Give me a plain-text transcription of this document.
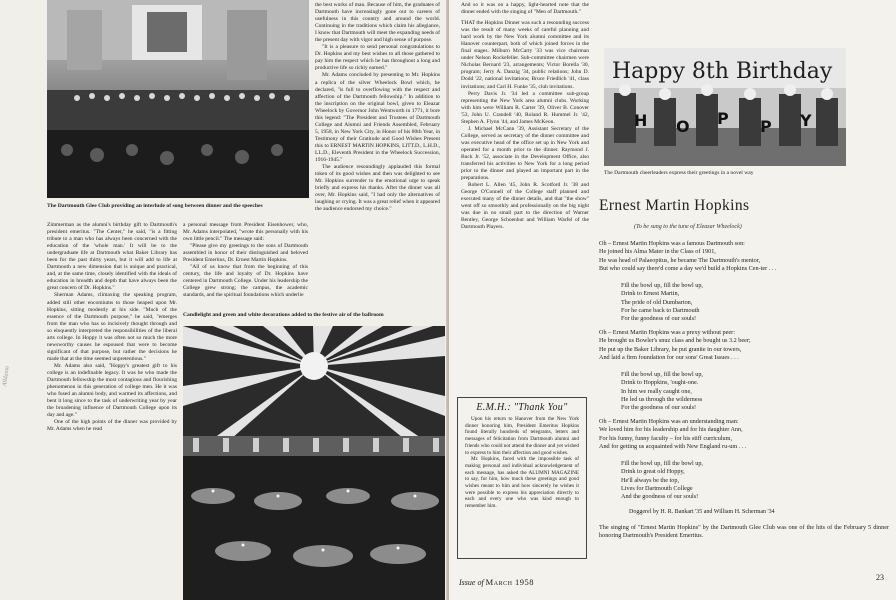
The Dartmouth Glee Club providing an interlude of song between dinner and the speeches

the best works of man. Because of him, the graduates of Dartmouth have increasingly gone out to careers of usefulness in this country and around the world. Continuing in the traditions which claim his allegiance, I know that Dartmouth will meet the expanding needs of the present day with vigor and high sense of purpose.

"It is a pleasure to send personal congratulations to Dr. Hopkins and my best wishes to all those gathered to pay him the respect which he has throughout a long and productive life so richly earned."

Mr. Adams concluded by presenting to Mr. Hopkins a replica of the silver Wheelock Bowl which, he declared, "is full to overflowing with the respect and affection of the Dartmouth fellowship." In addition to the inscription on the original bowl, given to Eleazar Wheelock by Governor John Wentworth in 1771, it bore this legend: "The President and Trustees of Dartmouth College and Alumni and Friends Assembled, February 5, 1958, in New York City, in Honor of his 80th Year, in Testimony of their Gratitude and Good Wishes Present this to ERNEST MARTIN HOPKINS, LITT.D., L.H.D., LL.D., Eleventh President in the Wheelock Succession, 1916-1945."

The audience resoundingly applauded this formal token of its good wishes and then was delighted to see Mr. Hopkins surrender to the emotional urge to speak briefly and express his thanks. After the dinner was all over, Mr. Hopkins said, "I had only the alternatives of laughing or crying. It was a great relief when it appeared the audience endorsed my choice."

Alldamn

Zimmerman as the alumni's birthday gift to Dartmouth's president emeritus. "The Center," he said, "is a fitting tribute to a man who has always been concerned with the education of the 'whole man.' It will be to the undergraduate life at Dartmouth what Baker Library has been for the past thirty years, but it will add to life at Dartmouth a new dimension that is unique and practical, and, at the same time, closely identified with the ideals of education in breadth and depth that have always been the great concern of Dr. Hopkins."

Sherman Adams, climaxing the speaking program, added still other encomiums to those heaped upon Mr. Hopkins, sitting modestly at his side. "Much of the essence of the Dartmouth purpose," he said, "emerges from the man who has so incisively thought through and so eloquently interpreted the responsibilities of the liberal arts college. In Hoppy it was often not so much the more newsworthy causes he espoused that were to become significant of that purpose, but rather the decisions he made that at the time seemed unpretentious."

Mr. Adams also said, "Hoppy's greatest gift to his college is an indefinable legacy. It was he who made the Dartmouth fellowship the most contagious and flourishing phenomenon in this generation of college men. He it was who fused an alumni body, and warmed its affections, and bent it long since to the task of underwriting year by year the broadening influence of Dartmouth College upon its day and age."

One of the high points of the dinner was provided by Mr. Adams when he read

a personal message from President Eisenhower, who, Mr. Adams interpolated, "wrote this personally with his own little pencil." The message said:

"Please give my greetings to the sons of Dartmouth assembled in honor of their distinguished and beloved President Emeritus, Dr. Ernest Martin Hopkins.

"All of us know that from the beginning of this century, the life and loyalty of Dr. Hopkins have centered in Dartmouth College. Under his leadership the College grew strong; the campus, the academic standards, and the spiritual foundations which underlie

Candlelight and green and white decorations added to the festive air of the ballroom

And so it was on a happy, light-hearted note that the dinner ended with the singing of "Men of Dartmouth."

THAT the Hopkins Dinner was such a resounding success was the result of many weeks of careful planning and hard work by the New York alumni committee and its Hanover counterpart, both of which joined forces in the final stages. Milburn McCarty '33 was vice chairman under Nelson Rockefeller. Sub-committee chairmen were Nicholas Bernard '23, arrangements; Victor Borella '30, program; Jerry A. Danzig '34, public relations; John D. Dodd '22, national invitations; Bruce Friedlich '41, class invitations; and Carl H. Funke '35, club invitations.

Perry Davis Jr. '34 led a committee sub-group representing the New York area alumni clubs. Working with him were William R. Carter '39, Oliver B. Conover '53, John U. Crandell '40, Roland R. Hummel Jr. '42, Stephen A. Flynn '44, and James McKeon.

J. Michael McCann '39, Assistant Secretary of the College, served as secretary of the dinner committee and was executive head of the office set up in New York and operated for a month prior to the dinner. Raymond J. Buck Jr. '52, associate in the Development Office, also transferred his activities to New York for a long period prior to the dinner and played an important part in the preparations.

Robert L. Allen '45, John R. Scotford Jr. '38 and George O'Connell of the College staff planned and executed many of the dinner details, and that "the show" went off so smoothly and professionally on the big night was due in no small part to the direction of Warner Bentley, George Schoenhut and William Warfel of the Dartmouth Players.

Happy 8th Birthday
H O P P Y
The Dartmouth cheerleaders express their greetings in a novel way
Ernest Martin Hopkins
(To be sung to the tune of Eleazar Wheelock)
Oh – Ernest Martin Hopkins was a famous Dartmouth son:
He joined his Alma Mater in the Class of 1901,
He was head of Palaeopitus, he became The Dartmouth's mentor,
But who could say there'd come a day we'd build a Hopkins Cen-ter . . .
Fill the bowl up, fill the bowl up,
Drink to Ernest Martin,
The pride of old Dumbarton,
For he came back to Dartmouth
For the goodness of our souls!
Oh – Ernest Martin Hopkins was a prexy without peer:
He brought us Bowler's snuz class and he bought us 3.2 beer;
He put up the Baker Library, he put granite in our towers,
And laid a firm foundation for our sons' Great Issues . . .
Fill the bowl up, fill the bowl up,
Drink to Hoppkins, 'ought-one.
In him we really caught one,
He led us through the wilderness
For the goodness of our souls!
Oh – Ernest Martin Hopkins was an understanding man:
We loved him for his leadership and for his daughter Ann,
For his funny, funny faculty – for his stiff curriculum,
And for getting us acquainted with New England ru-um . . .
Fill the bowl up, fill the bowl up,
Drink to great old Hoppy,
He'll always be the top,
Lives for Dartmouth College
And the goodness of our souls!
Doggerel by H. R. Bankart '35 and William H. Scherman '34
The singing of "Ernest Martin Hopkins" by the Dartmouth Glee Club was one of the hits of the February 5 dinner honoring Dartmouth's President Emeritus.
E.M.H.: "Thank You"

Upon his return to Hanover from the New York dinner honoring him, President Emeritus Hopkins found literally hundreds of telegrams, letters and messages of felicitation from Dartmouth alumni and friends who could not attend the dinner and yet wished to express to him their affection and good wishes.

Mr. Hopkins, faced with the impossible task of making personal and individual acknowledgement of each message, has asked the ALUMNI MAGAZINE to say, for him, how much these greetings and good wishes meant to him and how sincerely he wishes it were possible to express his appreciation directly to each and every one who was kind enough to remember him.

Issue of March 1958	23
